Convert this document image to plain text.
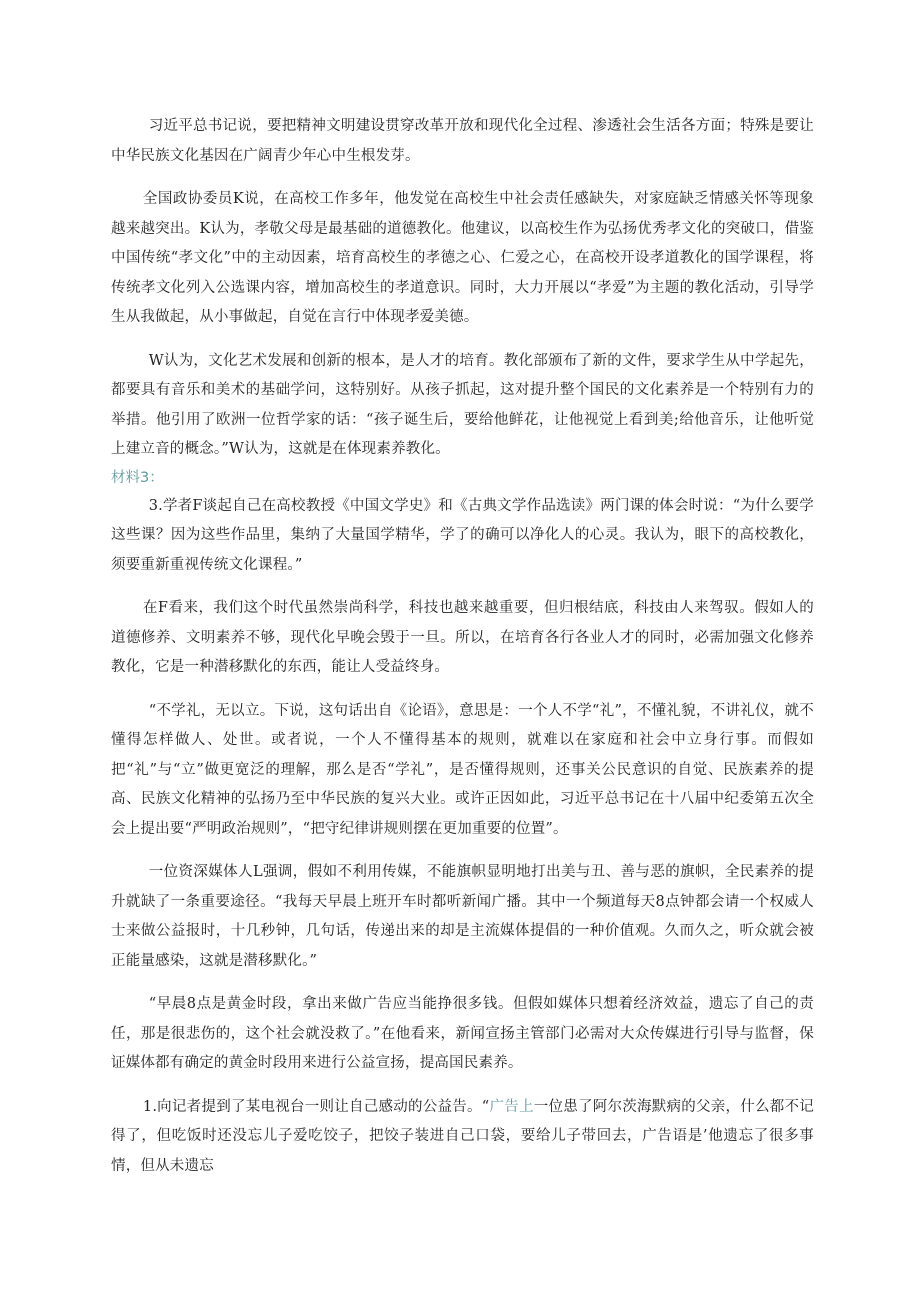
习近平总书记说，要把精神文明建设贯穿改革开放和现代化全过程、渗透社会生活各方面；特殊是要让中华民族文化基因在广阔青少年心中生根发芽。

全国政协委员K说，在高校工作多年，他发觉在高校生中社会责任感缺失，对家庭缺乏情感关怀等现象越来越突出。K认为，孝敬父母是最基础的道德教化。他建议，以高校生作为弘扬优秀孝文化的突破口，借鉴中国传统“孝文化”中的主动因素，培育高校生的孝德之心、仁爱之心，在高校开设孝道教化的国学课程，将传统孝文化列入公选课内容，增加高校生的孝道意识。同时，大力开展以“孝爱”为主题的教化活动，引导学生从我做起，从小事做起，自觉在言行中体现孝爱美德。

W认为，文化艺术发展和创新的根本，是人才的培育。教化部颁布了新的文件，要求学生从中学起先，都要具有音乐和美术的基础学问，这特别好。从孩子抓起，这对提升整个国民的文化素养是一个特别有力的举措。他引用了欧洲一位哲学家的话：“孩子诞生后，要给他鲜花，让他视觉上看到美;给他音乐，让他听觉上建立音的概念。”W认为，这就是在体现素养教化。

材料3：

3.学者F谈起自己在高校教授《中国文学史》和《古典文学作品选读》两门课的体会时说：“为什么要学这些课？因为这些作品里，集纳了大量国学精华，学了的确可以净化人的心灵。我认为，眼下的高校教化，须要重新重视传统文化课程。”

在F看来，我们这个时代虽然崇尚科学，科技也越来越重要，但归根结底，科技由人来驾驭。假如人的道德修养、文明素养不够，现代化早晚会毁于一旦。所以，在培育各行各业人才的同时，必需加强文化修养教化，它是一种潜移默化的东西，能让人受益终身。

“不学礼，无以立。下说，这句话出自《论语》，意思是：一个人不学“礼”，不懂礼貌，不讲礼仪，就不懂得怎样做人、处世。或者说，一个人不懂得基本的规则，就难以在家庭和社会中立身行事。而假如把“礼”与“立”做更宽泛的理解，那么是否“学礼”，是否懂得规则，还事关公民意识的自觉、民族素养的提高、民族文化精神的弘扬乃至中华民族的复兴大业。或许正因如此，习近平总书记在十八届中纪委第五次全会上提出要“严明政治规则”，“把守纪律讲规则摆在更加重要的位置”。

一位资深媒体人L强调，假如不利用传媒，不能旗帜显明地打出美与丑、善与恶的旗帜，全民素养的提升就缺了一条重要途径。“我每天早晨上班开车时都听新闻广播。其中一个频道每天8点钟都会请一个权威人士来做公益报时，十几秒钟，几句话，传递出来的却是主流媒体提倡的一种价值观。久而久之，听众就会被正能量感染，这就是潜移默化。”

“早晨8点是黄金时段，拿出来做广告应当能挣很多钱。但假如媒体只想着经济效益，遗忘了自己的责任，那是很悲伤的，这个社会就没救了。”在他看来，新闻宣扬主管部门必需对大众传媒进行引导与监督，保证媒体都有确定的黄金时段用来进行公益宣扬，提高国民素养。

1.向记者提到了某电视台一则让自己感动的公益告。“广告上一位患了阿尔茨海默病的父亲，什么都不记得了，但吃饭时还没忘儿子爱吃饺子，把饺子装进自己口袋，要给儿子带回去，广告语是’他遗忘了很多事情，但从未遗忘
